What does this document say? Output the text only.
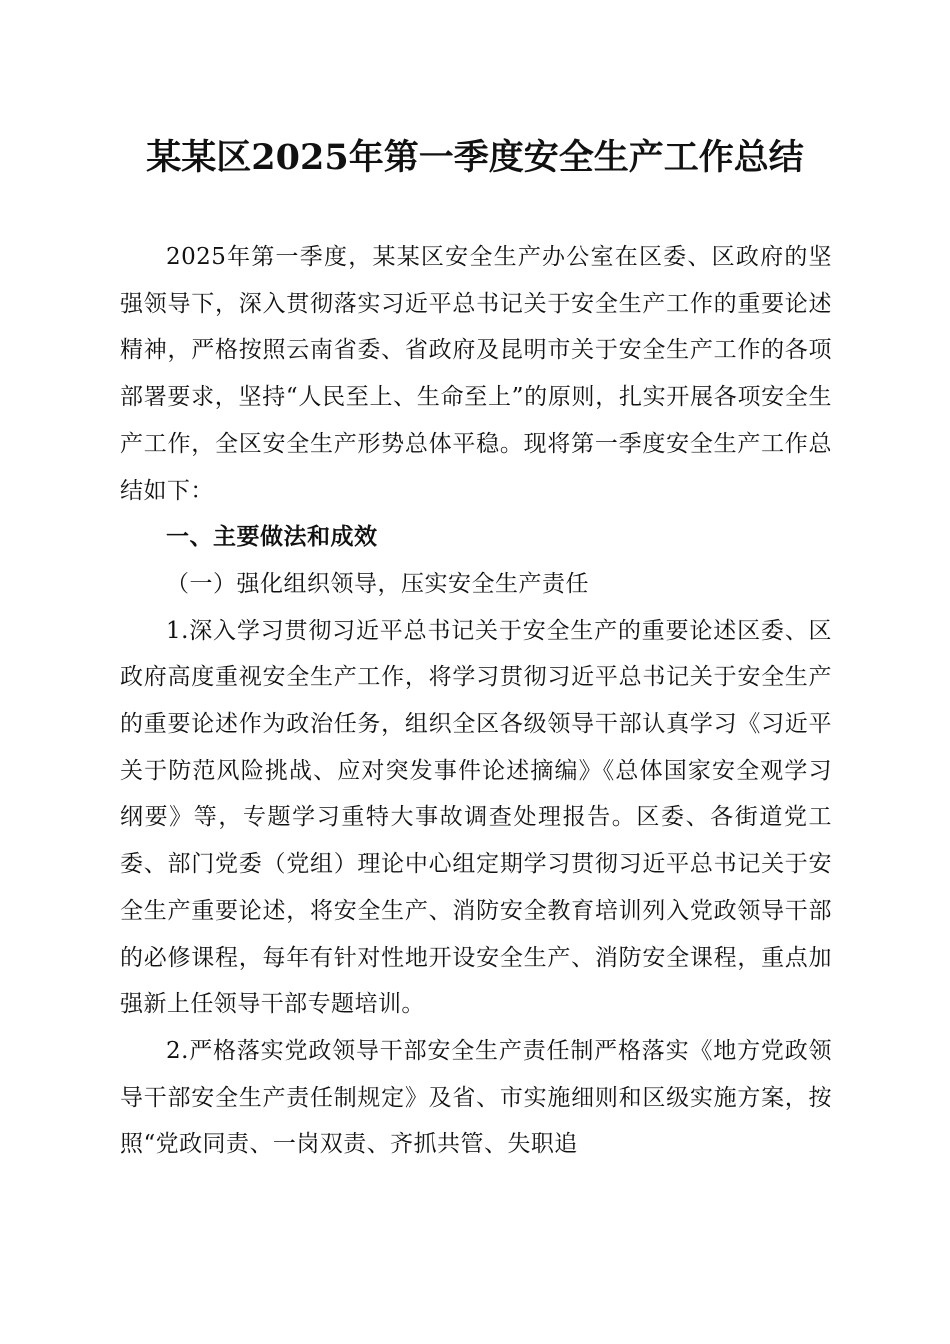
某某区2025年第一季度安全生产工作总结

2025年第一季度，某某区安全生产办公室在区委、区政府的坚强领导下，深入贯彻落实习近平总书记关于安全生产工作的重要论述精神，严格按照云南省委、省政府及昆明市关于安全生产工作的各项部署要求，坚持“人民至上、生命至上”的原则，扎实开展各项安全生产工作，全区安全生产形势总体平稳。现将第一季度安全生产工作总结如下：

一、主要做法和成效

（一）强化组织领导，压实安全生产责任

1.深入学习贯彻习近平总书记关于安全生产的重要论述区委、区政府高度重视安全生产工作，将学习贯彻习近平总书记关于安全生产的重要论述作为政治任务，组织全区各级领导干部认真学习《习近平关于防范风险挑战、应对突发事件论述摘编》《总体国家安全观学习纲要》等，专题学习重特大事故调查处理报告。区委、各街道党工委、部门党委（党组）理论中心组定期学习贯彻习近平总书记关于安全生产重要论述，将安全生产、消防安全教育培训列入党政领导干部的必修课程，每年有针对性地开设安全生产、消防安全课程，重点加强新上任领导干部专题培训。

2.严格落实党政领导干部安全生产责任制严格落实《地方党政领导干部安全生产责任制规定》及省、市实施细则和区级实施方案，按照“党政同责、一岗双责、齐抓共管、失职追
